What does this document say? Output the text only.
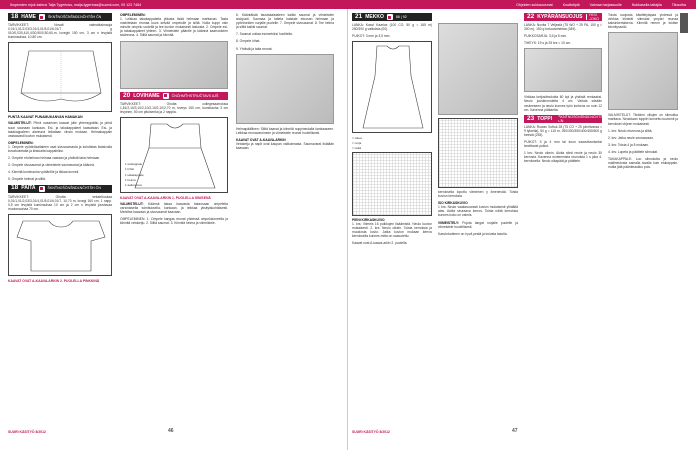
Ihopenden mjuk kateus Taija Tygertoss, maija.tygertoss@suomi.com, 09 123 7484	Ohjeiden sukkauosmat	Koottotipiä	Vaimaa harjassuulle	Nokkasella tattajila	Tilusoiha
18 HAME	ŠKNŤNOŠČNŠNDĽNČHTŠH ČN
TARVIKKEET: Novalt valmatkaimaoja 0,01/1,01/2,03/3,01/4,01/5,01/6,01/7 g 010/0,030,410,4/30,50/0,50,60,m, lovegiri 150 cm, 3 cm n levyistä kuminauhaa, 10-80 cm.
PUNTÄ KAAVAT PUNAMUKANVAN HAMAKAN
VALMISTELUT: Piirrä ovaarinen kaavat jolle yhteneppäiltu ja piirrä suun saunaan kankaan. Esi- ja takakappaleet kaavataan. Esi- ja takakappaleen alareuna leikataan viivan mukaan. Helmakappale vastaavasti kuvion mukaisesti.
OMPELEMINEN:
1. Ompele vyötärökaitaleen osat sivusaumasta ja kohdistas lisäsivulla kovatuotelaita ja kiistoaita kappaleiksi.
2. Ompele etuhelman helmaa vastaan ja yhdistä taka helmaan.
3. Ompele sivusaumat ja viimeistele saumavarat ja käännä.
4. Kiinnitä kuminauha vyötärölle ja tikkaa tunneli.
5. Ompele helmat ja silitä.
18 PAITA	ŠKNŤNOŠČNŠNDĽNČHTŠH ČN
TARVIKKEET: Ohutta sekatrikootaa 0,01/1,01/2,03/3,01/4,01/5,01/6,01/7, 10,70 m, lovegi 160 cm, 1 napp. 0,5 cm levyistä kuminauhaa 10 cm ja 2 cm n levyistä joustavaa muotonauhaa 70 cm.
KAAVAT OVAT A-KAAVA-ARKIN 2. PUOLELLA PINKKINÄ
OMPELEMINEN:
1. Leikkaa takakappaletta yläosta lisää helmaan mahtavan. Tasta mainitetaan reunaa kuva selvää ompelulle ja silitä. Nolla kuppi vain minulle ompelu uudellä ja tee kuvion mukaisesti laskosta. 2. Ompele esi- ja takakappaleet yhteen. 3. Viimeistele pääntie ja käännä kaarrokkeen sisäreuna. 4. Silitä saumat ja kiinnitä.
20 LOVIHAME	ČNČHMŤHSTRUČTAVS AJŠ
TARVIKKEET: Ohutta collegesaarroksia 1,81/2,10/3,10/2,10/2,10/2,10/2,70 m, leveys 150 cm, kuminauha 3 cm levyinen, 50 cm pituisenka ja 2 nappia.
1 etukappale
1 hihat
1 takakappale
1 helma
1 aaltoreuna
KAAVAT OVAT A-KAAVA-ARKIN 1. PUOLELLA SINISENÄ
VALMISTELUT: Käännä takaa kaavasta takaosaan ompeleita varsinaisella toimituksella, kankaan, ja leikkaa yksityiskohtaisesti. Merkitse kaavaan ja sivusaumat kaavaan.
OMPELEMINEN: 1. Ompele kangas reunat yhdessä ompelukoneella ja kiinnitä vetoketju. 2. Silitä saumat. 3. Kiinnitä helma ja viimeistele.
6. Kääntäkää taustakaistaleen kaikki saumat ja viimeistele sisäpuoli. Saumaa ja taiteta kaistale etuosan helmaan ja pyöröseiden nurjalle puolelle. 7. Ompele sivusaumat. 8. Tee helma ja silitä kaikki saumat.
7. Saumat voitaa esimerkiksi huolitella.
8. Ompele hihat.
9. Yhdistä ja taita reunat.
Helmapäällinen: Silitä kaavat ja kiinnitä nuppineulalla kankaaseen. Leikkaa reunavaroineen ja viimeistele reunat huolellisesti.
KAAVAT OVAT A-KAAVA-ARKIN
Vetoketju ja napit ovat kaupan valikoimasta. Saumavarat lisätään kaavaan.
SUURI KÄSITYÖ 8/2012	46
21 MEKKO	86 | 92
LANKA: Kasvi Kaariva (100 CO, 50 g = 165 m) 250/300 g valkoista (00).
PUIKOT: 3 mm ja 3,5 mm.
= oikea
= nurja
= reikä
PIENI KIRKASKUVIO
1. krs: Viimeis 16 puikkojen lisäämistä. Neulo kuvion mukaisesti. 2. krs: Neulo oikein. Toista kerroksia ja muodosta kuvio. Jatka kuvion mukaan kerros kerrokselta kunnes mitta on saavutettu.
Kaavat ovat A-kaava-arkin 2. puolella.
kerroksella loputtu viimeinen y ilmenevää. Toista kuvion kerroksia.
ISO KIRKASKUVIO
1 krs: Neulo vaakasuorasti kuvion mukaisesti ylhäältä alas. Aloita seuraava kerros. Toista näitä kerroksia kunnes koko on valmis.
VIIMEISTELY: Pujota langat nurjalle puolelle ja viimeistele huolellisesti.
Kasviotuotteen on hyvä pestä ja kuivata tasolla.
22 KYPÄRÄNSUOJUS YKSI KOKO
LANKA: Novita 7 Veljestä (75 WO + 25 PA, 150 g = 300 m), 150 g turkoosimeltaa (349).
PUIKKOSARJA: 3,5 ja 5 mm.
TIHEYS: 19 s ja 25 krs = 10 cm.
Virkkaa ketjusilmukoita 60 kpl ja yhdistä renkaaksi. Neulo joustinneuletta 4 cm. Vaihda sileään neuleeseen ja neulo kunnes työn korkeus on noin 12 cm. Kavenna päälaelta.
23 TOPPI ŠKNŤNOŠČNŠNDĽNČHTŠH ČN
LANKA: Rowan Softuk 28 (75 CO + 25 joheltvaraa = 9 tykrella), 50 g = 115 m, 250/300/350/400/450/500 g beesiä (253).
PUIKOT: 3 ja 4 mm tai koon saavuttamiseksi tarvittavat puikot.
1 krs: Neulo oikein. Aloita sileä neule ja neulo 30 kerrosta. Kavenna molemmista reunoista 1 s joka 4. kerroksella. Neulo olkapäät ja päättele.
Toista suojusta käsittelytapaa yhdessä ja virkkaa kiinteät silmukat ympäri reunaa kaksinkertaisena. Kiinnitä remmi ja lukitse kiinnityssolki.
VALMISTELUT: Tiiviiden viilujen on silmukka mahtava. Neulotaan toppiin tunnettu kuviointi ja kerrokset ohjeen mukaisesti.
1. krs: Neulo etureuna ja silitä.
2. krs: Jatka neule seuraavaan.
3. krs: Toista 4 ja 8 mukaan.
4. krs: Lopeta ja päättele silmukat.
TAKAKAPPALE: Luo silmukoita ja neulo mallineulosta samalla tavalla kuin etukappale, mutta jätä pääntieaukko pois.
SUURI KÄSITYÖ 8/2012	47
